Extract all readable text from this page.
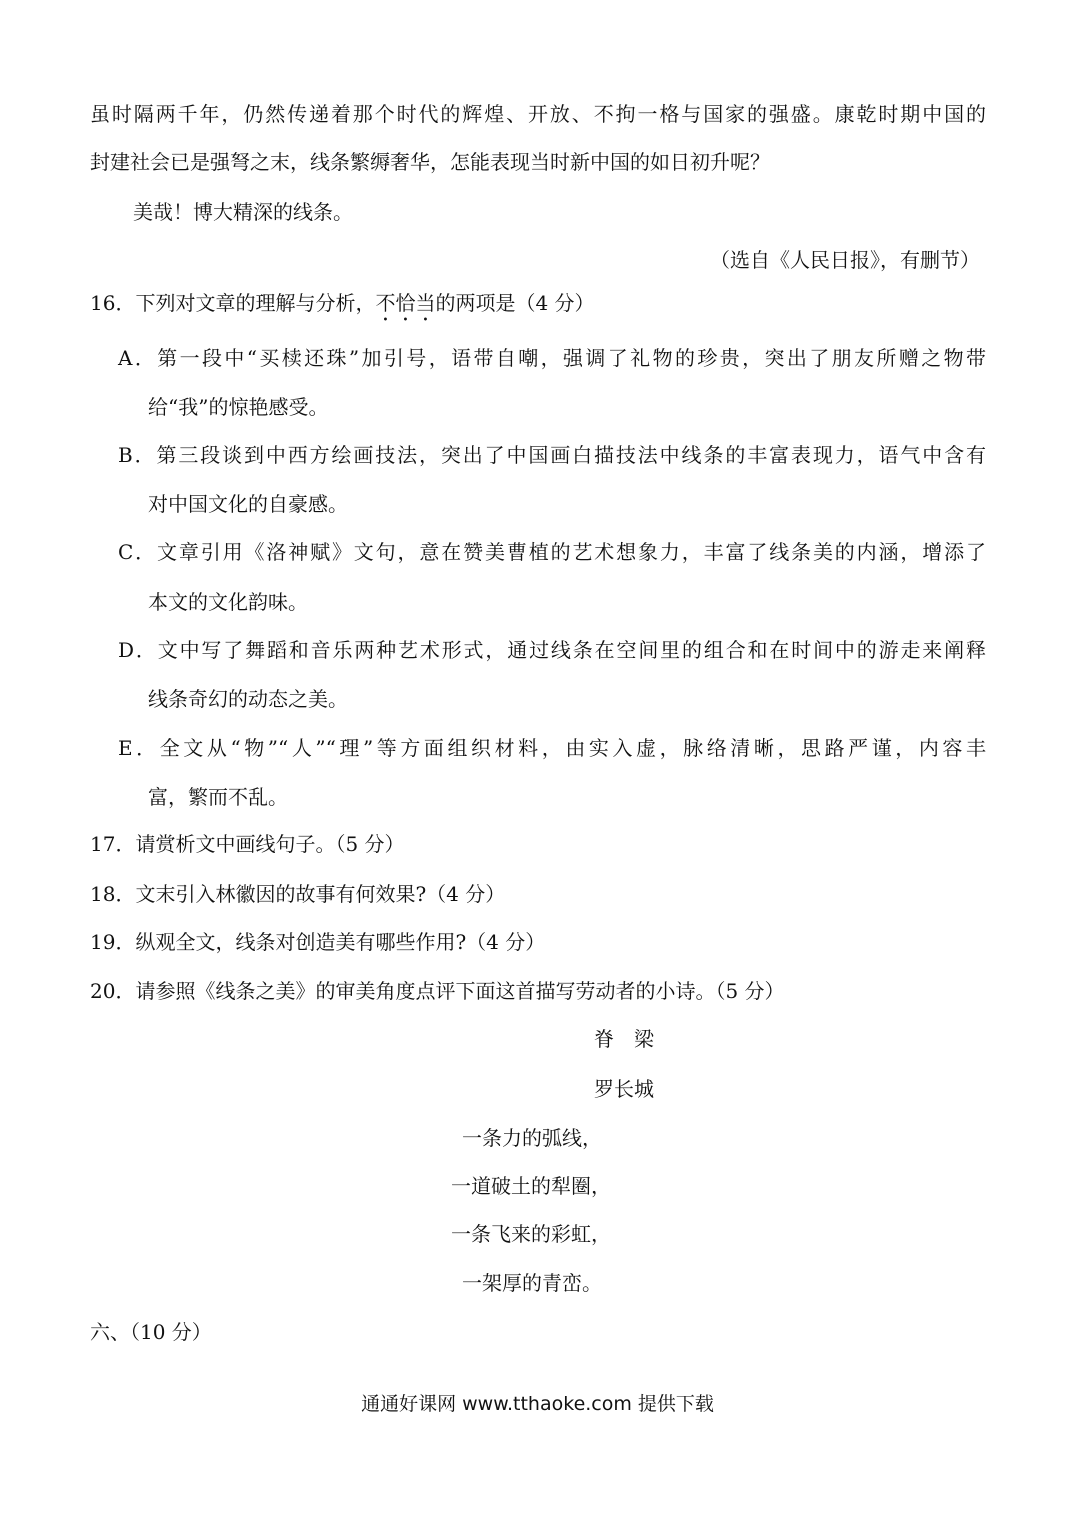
虽时隔两千年，仍然传递着那个时代的辉煌、开放、不拘一格与国家的强盛。康乾时期中国的
封建社会已是强弩之末，线条繁缛奢华，怎能表现当时新中国的如日初升呢？
美哉！博大精深的线条。
（选自《人民日报》，有删节）
16．下列对文章的理解与分析，不恰当的两项是（4 分）
A．第一段中“买椟还珠”加引号，语带自嘲，强调了礼物的珍贵，突出了朋友所赠之物带
给“我”的惊艳感受。
B．第三段谈到中西方绘画技法，突出了中国画白描技法中线条的丰富表现力，语气中含有
对中国文化的自豪感。
C．文章引用《洛神赋》文句，意在赞美曹植的艺术想象力，丰富了线条美的内涵，增添了
本文的文化韵味。
D．文中写了舞蹈和音乐两种艺术形式，通过线条在空间里的组合和在时间中的游走来阐释
线条奇幻的动态之美。
E．全文从“物”“人”“理”等方面组织材料，由实入虚，脉络清晰，思路严谨，内容丰
富，繁而不乱。
17．请赏析文中画线句子。（5 分）
18．文末引入林徽因的故事有何效果?（4 分）
19．纵观全文，线条对创造美有哪些作用?（4 分）
20．请参照《线条之美》的审美角度点评下面这首描写劳动者的小诗。（5 分）
脊　梁
罗长城
一条力的弧线，
一道破土的犁圈，
一条飞来的彩虹，
一架厚的青峦。
六、（10 分）
通通好课网 www.tthaoke.com 提供下载
